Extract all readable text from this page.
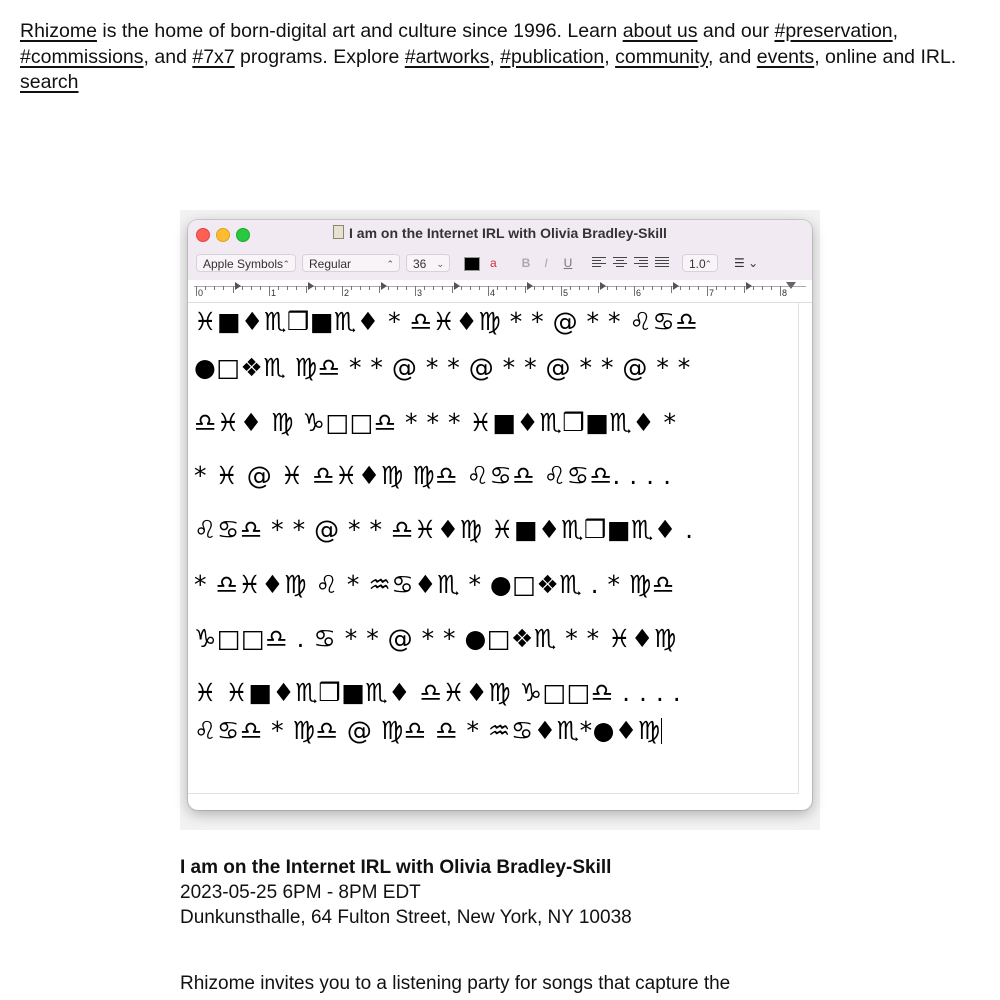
Rhizome is the home of born-digital art and culture since 1996. Learn about us and our #preservation, #commissions, and #7x7 programs. Explore #artworks, #publication, community, and events, online and IRL. search

I am on the Internet IRL with Olivia Bradley-Skill
Apple Symbols ⌃	Regular	⌃	36 ⌄	a	B	I	U	1.0
⌃ ☰ ⌄
0	1	2	3	4	5	6	7	8
♓■♦♏❒■♏♦ * ♎♓♦♍ * * @ * * ♌♋♎
●□❖♏ ♍♎ * * @ * * @ * * @ * * @ * *
♎♓♦ ♍ ♑□□♎ * * * ♓■♦♏❒■♏♦ *
* ♓ @ ♓ ♎♓♦♍ ♍♎ ♌♋♎ ♌♋♎. . . .
♌♋♎ * * @ * * ♎♓♦♍ ♓■♦♏❒■♏♦ .
* ♎♓♦♍ ♌ * ♒♋♦♏ * ●□❖♏ . * ♍♎
♑□□♎ . ♋ * * @ * * ●□❖♏ * * ♓♦♍
♓ ♓■♦♏❒■♏♦ ♎♓♦♍ ♑□□♎ . . . .
♌♋♎ * ♍♎ @ ♍♎ ♎ * ♒♋♦♏*●♦♍
I am on the Internet IRL with Olivia Bradley-Skill
2023-05-25 6PM - 8PM EDT
Dunkunsthalle, 64 Fulton Street, New York, NY 10038
Rhizome invites you to a listening party for songs that capture the
